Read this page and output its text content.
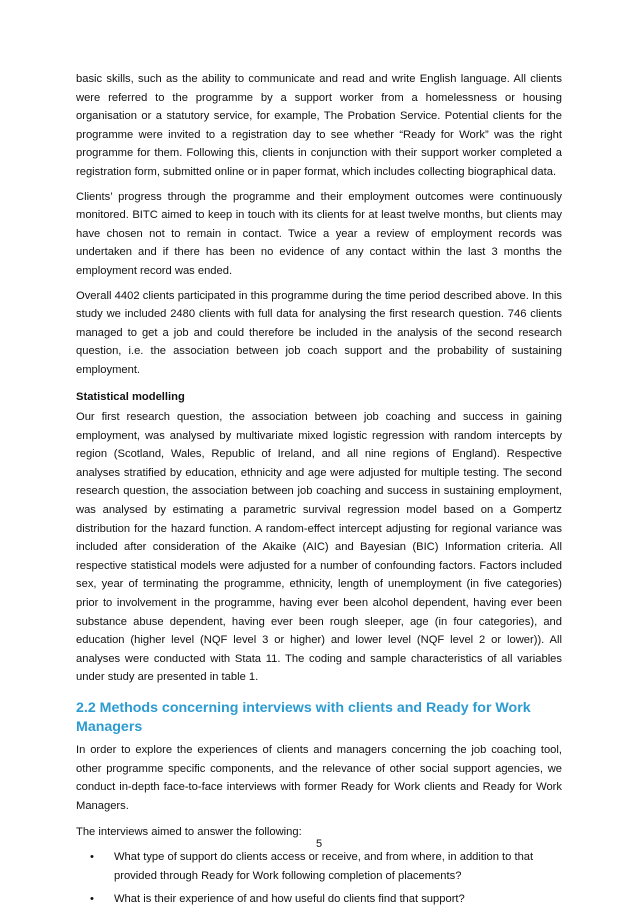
basic skills, such as the ability to communicate and read and write English language. All clients were referred to the programme by a support worker from a homelessness or housing organisation or a statutory service, for example, The Probation Service. Potential clients for the programme were invited to a registration day to see whether “Ready for Work” was the right programme for them. Following this, clients in conjunction with their support worker completed a registration form, submitted online or in paper format, which includes collecting biographical data.

Clients’ progress through the programme and their employment outcomes were continuously monitored. BITC aimed to keep in touch with its clients for at least twelve months, but clients may have chosen not to remain in contact. Twice a year a review of employment records was undertaken and if there has been no evidence of any contact within the last 3 months the employment record was ended.

Overall 4402 clients participated in this programme during the time period described above. In this study we included 2480 clients with full data for analysing the first research question. 746 clients managed to get a job and could therefore be included in the analysis of the second research question, i.e. the association between job coach support and the probability of sustaining employment.

Statistical modelling

Our first research question, the association between job coaching and success in gaining employment, was analysed by multivariate mixed logistic regression with random intercepts by region (Scotland, Wales, Republic of Ireland, and all nine regions of England). Respective analyses stratified by education, ethnicity and age were adjusted for multiple testing. The second research question, the association between job coaching and success in sustaining employment, was analysed by estimating a parametric survival regression model based on a Gompertz distribution for the hazard function. A random-effect intercept adjusting for regional variance was included after consideration of the Akaike (AIC) and Bayesian (BIC) Information criteria. All respective statistical models were adjusted for a number of confounding factors. Factors included sex, year of terminating the programme, ethnicity, length of unemployment (in five categories) prior to involvement in the programme, having ever been alcohol dependent, having ever been substance abuse dependent, having ever been rough sleeper, age (in four categories), and education (higher level (NQF level 3 or higher) and lower level (NQF level 2 or lower)). All analyses were conducted with Stata 11. The coding and sample characteristics of all variables under study are presented in table 1.

2.2 Methods concerning interviews with clients and Ready for Work Managers

In order to explore the experiences of clients and managers concerning the job coaching tool, other programme specific components, and the relevance of other social support agencies, we conduct in-depth face-to-face interviews with former Ready for Work clients and Ready for Work Managers.

The interviews aimed to answer the following:
• What type of support do clients access or receive, and from where, in addition to that provided through Ready for Work following completion of placements?
• What is their experience of and how useful do clients find that support?
5
